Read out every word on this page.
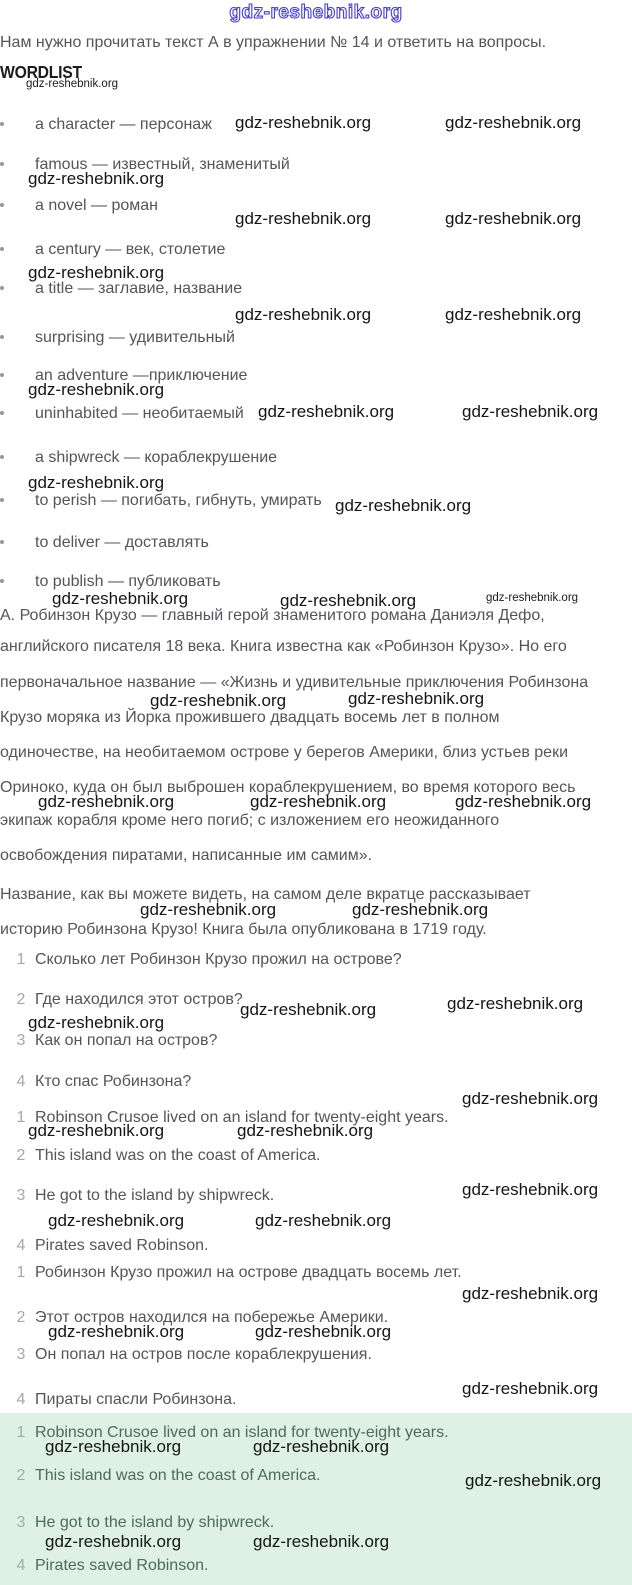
gdz-reshebnik.org
Нам нужно прочитать текст А в упражнении № 14 и ответить на вопросы.
WORDLIST
gdz-reshebnik.org
a character — персонаж gdz-reshebnik.org	gdz-reshebnik.org
famous — известный, знаменитый
gdz-reshebnik.org
a novel — роман
gdz-reshebnik.org	gdz-reshebnik.org
a century — век, столетие
gdz-reshebnik.org
a title — заглавие, название
gdz-reshebnik.org	gdz-reshebnik.org
surprising — удивительный
an adventure —приключение
gdz-reshebnik.org
uninhabited — необитаемый gdz-reshebnik.org	gdz-reshebnik.org
a shipwreck — кораблекрушение
gdz-reshebnik.org
to perish — погибать, гибнуть, умирать gdz-reshebnik.org
to deliver — доставлять
to publish — публиковать
gdz-reshebnik.org	gdz-reshebnik.org	gdz-reshebnik.org
А. Робинзон Крузо — главный герой знаменитого романа Даниэля Дефо,
английского писателя 18 века. Книга известна как «Робинзон Крузо». Но его
первоначальное название — «Жизнь и удивительные приключения Робинзона
gdz-reshebnik.org	gdz-reshebnik.org
Крузо моряка из Йорка прожившего двадцать восемь лет в полном
одиночестве, на необитаемом острове у берегов Америки, близ устьев реки
Ориноко, куда он был выброшен кораблекрушением, во время которого весь
gdz-reshebnik.org	gdz-reshebnik.org	gdz-reshebnik.org
экипаж корабля кроме него погиб; с изложением его неожиданного
освобождения пиратами, написанные им самим».
Название, как вы можете видеть, на самом деле вкратце рассказывает
gdz-reshebnik.org	gdz-reshebnik.org
историю Робинзона Крузо! Книга была опубликована в 1719 году.
1 Сколько лет Робинзон Крузо прожил на острове?
2 Где находился этот остров?	gdz-reshebnik.org
gdz-reshebnik.org
gdz-reshebnik.org
3 Как он попал на остров?
4 Кто спас Робинзона?
gdz-reshebnik.org
1 Robinson Crusoe lived on an island for twenty-eight years.
gdz-reshebnik.org	gdz-reshebnik.org
2 This island was on the coast of America.
gdz-reshebnik.org
3 He got to the island by shipwreck.
gdz-reshebnik.org	gdz-reshebnik.org
4 Pirates saved Robinson.
1 Робинзон Крузо прожил на острове двадцать восемь лет.
gdz-reshebnik.org
2 Этот остров находился на побережье Америки.
gdz-reshebnik.org	gdz-reshebnik.org
3 Он попал на остров после кораблекрушения.
gdz-reshebnik.org
4 Пираты спасли Робинзона.
1 Robinson Crusoe lived on an island for twenty-eight years.
gdz-reshebnik.org	gdz-reshebnik.org
2 This island was on the coast of America.	gdz-reshebnik.org
3 He got to the island by shipwreck.
gdz-reshebnik.org	gdz-reshebnik.org
4 Pirates saved Robinson.
